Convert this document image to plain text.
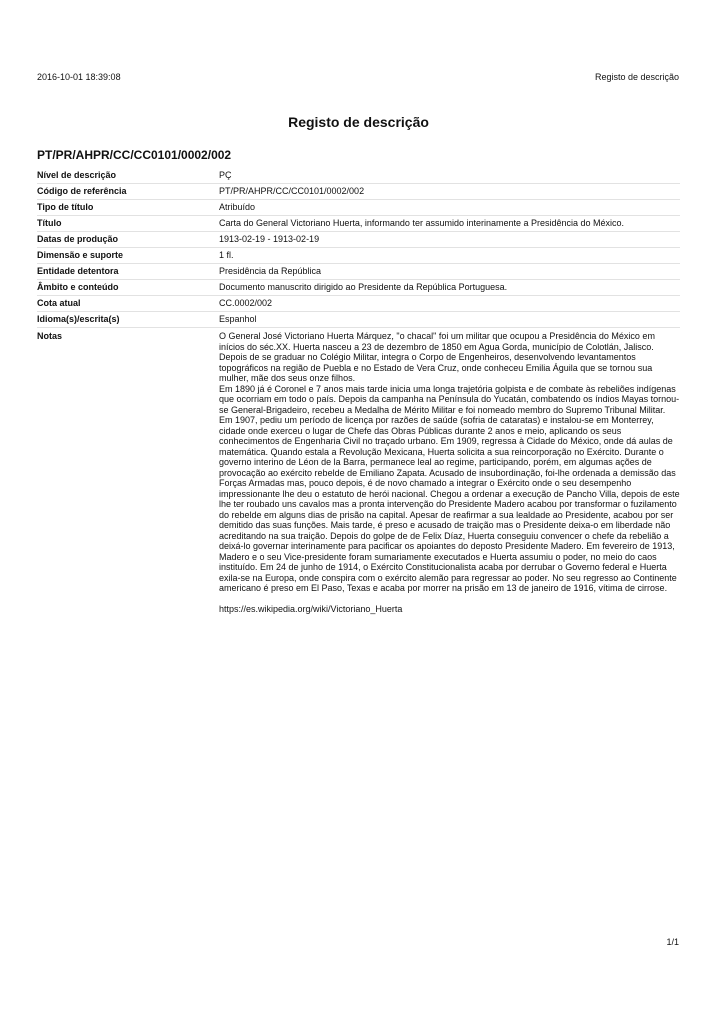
2016-10-01 18:39:08	Registo de descrição
Registo de descrição
PT/PR/AHPR/CC/CC0101/0002/002
Nível de descrição	PÇ
Código de referência	PT/PR/AHPR/CC/CC0101/0002/002
Tipo de título	Atribuído
Título	Carta do General Victoriano Huerta, informando ter assumido interinamente a Presidência do México.
Datas de produção	1913-02-19 - 1913-02-19
Dimensão e suporte	1 fl.
Entidade detentora	Presidência da República
Âmbito e conteúdo	Documento manuscrito dirigido ao Presidente da República Portuguesa.
Cota atual	CC.0002/002
Idioma(s)/escrita(s)	Espanhol
Notas	O General José Victoriano Huerta Márquez, "o chacal" foi um militar que ocupou a Presidência do México em inícios do séc.XX. Huerta nasceu a 23 de dezembro de 1850 em Agua Gorda, município de Colotlán, Jalisco. Depois de se graduar no Colégio Militar, integra o Corpo de Engenheiros, desenvolvendo levantamentos topográficos na região de Puebla e no Estado de Vera Cruz, onde conheceu Emilia Águila que se tornou sua mulher, mãe dos seus onze filhos.

Em 1890 já é Coronel e 7 anos mais tarde inicia uma longa trajetória golpista e de combate às rebeliões indígenas que ocorriam em todo o país. Depois da campanha na Península do Yucatán, combatendo os índios Mayas tornou-se General-Brigadeiro, recebeu a Medalha de Mérito Militar e foi nomeado membro do Supremo Tribunal Militar. Em 1907, pediu um período de licença por razões de saúde (sofria de cataratas) e instalou-se em Monterrey, cidade onde exerceu o lugar de Chefe das Obras Públicas durante 2 anos e meio, aplicando os seus conhecimentos de Engenharia Civil no traçado urbano. Em 1909, regressa à Cidade do México, onde dá aulas de matemática. Quando estala a Revolução Mexicana, Huerta solicita a sua reincorporação no Exército. Durante o governo interino de Léon de la Barra, permanece leal ao regime, participando, porém, em algumas ações de provocação ao exército rebelde de Emiliano Zapata. Acusado de insubordinação, foi-lhe ordenada a demissão das Forças Armadas mas, pouco depois, é de novo chamado a integrar o Exército onde o seu desempenho impressionante lhe deu o estatuto de herói nacional. Chegou a ordenar a execução de Pancho Villa, depois de este lhe ter roubado uns cavalos mas a pronta intervenção do Presidente Madero acabou por transformar o fuzilamento do rebelde em alguns dias de prisão na capital. Apesar de reafirmar a sua lealdade ao Presidente, acabou por ser demitido das suas funções. Mais tarde, é preso e acusado de traição mas o Presidente deixa-o em liberdade não acreditando na sua traição. Depois do golpe de de Felix Díaz, Huerta conseguiu convencer o chefe da rebelião a deixá-lo governar interinamente para pacificar os apoiantes do deposto Presidente Madero. Em fevereiro de 1913, Madero e o seu Vice-presidente foram sumariamente executados e Huerta assumiu o poder, no meio do caos instituído. Em 24 de junho de 1914, o Exército Constitucionalista acaba por derrubar o Governo federal e Huerta exila-se na Europa, onde conspira com o exército alemão para regressar ao poder. No seu regresso ao Continente americano é preso em El Paso, Texas e acaba por morrer na prisão em 13 de janeiro de 1916, vítima de cirrose.

https://es.wikipedia.org/wiki/Victoriano_Huerta

1/1
